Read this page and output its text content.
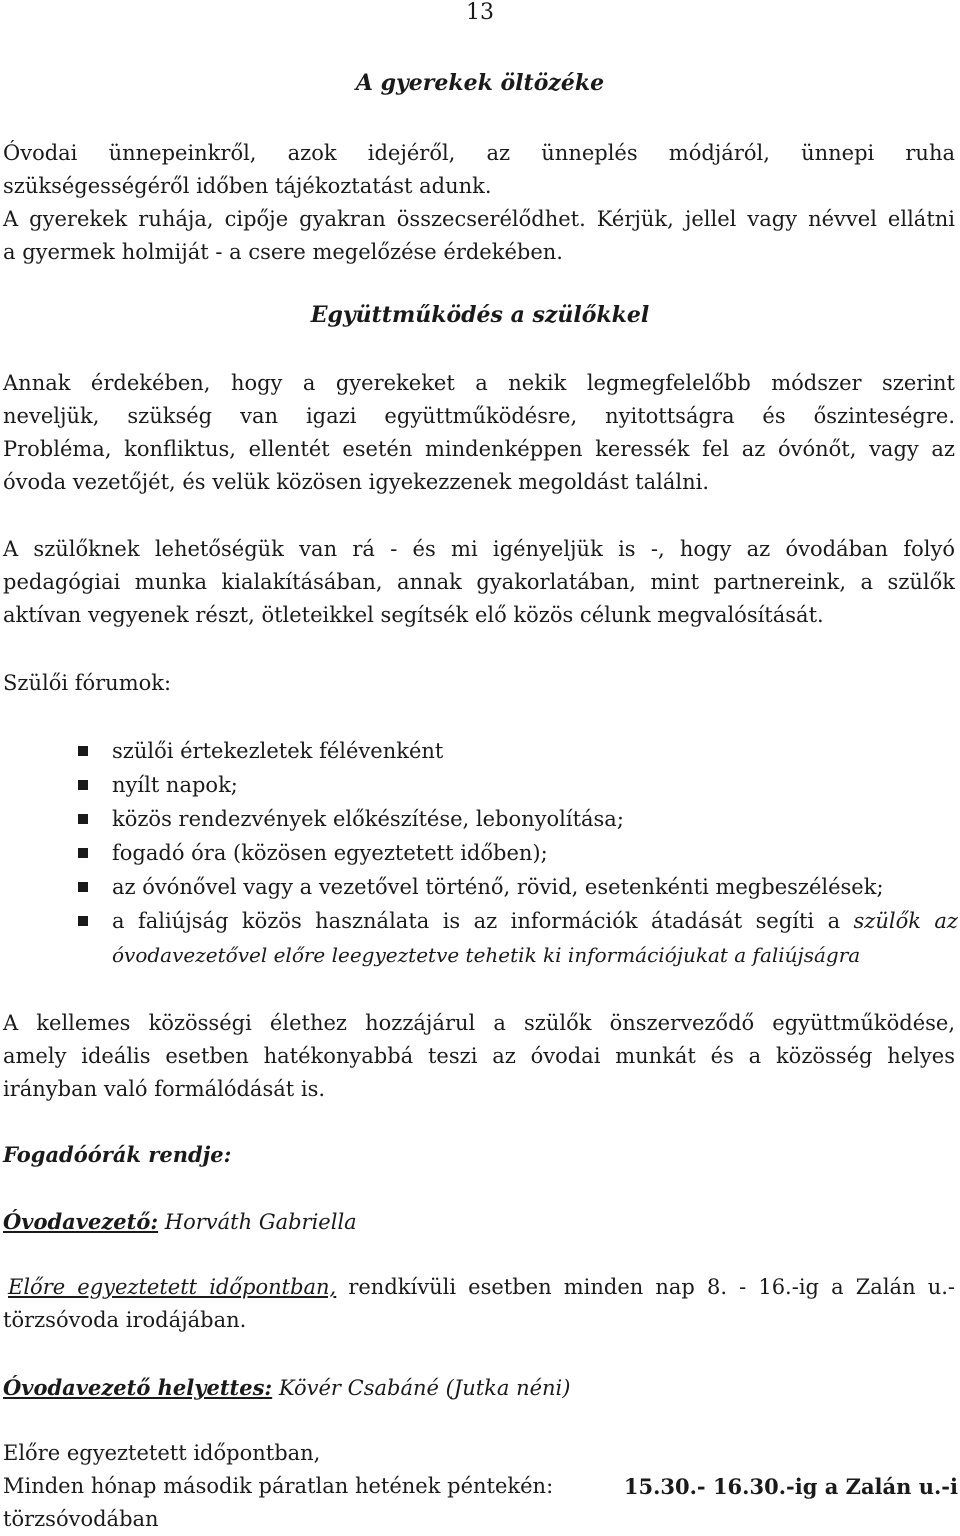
13
A gyerekek öltözéke
Óvodai ünnepeinkről, azok idejéről, az ünneplés módjáról, ünnepi ruha
szükségességéről időben tájékoztatást adunk.
A gyerekek ruhája, cipője gyakran összecserélődhet. Kérjük, jellel vagy névvel ellátni
a gyermek holmiját - a csere megelőzése érdekében.
Együttműködés a szülőkkel
Annak érdekében, hogy a gyerekeket a nekik legmegfelelőbb módszer szerint
neveljük, szükség van igazi együttműködésre, nyitottságra és őszinteségre.
Probléma, konfliktus, ellentét esetén mindenképpen keressék fel az óvónőt, vagy az
óvoda vezetőjét, és velük közösen igyekezzenek megoldást találni.
A szülőknek lehetőségük van rá - és mi igényeljük is -, hogy az óvodában folyó
pedagógiai munka kialakításában, annak gyakorlatában, mint partnereink, a szülők
aktívan vegyenek részt, ötleteikkel segítsék elő közös célunk megvalósítását.
Szülői fórumok:
szülői értekezletek félévenként
nyílt napok;
közös rendezvények előkészítése, lebonyolítása;
fogadó óra (közösen egyeztetett időben);
az óvónővel vagy a vezetővel történő, rövid, esetenkénti megbeszélések;
a faliújság közös használata is az információk átadását segíti a szülők az
óvodavezetővel előre leegyeztetve tehetik ki információjukat a faliújságra
A kellemes közösségi élethez hozzájárul a szülők önszerveződő együttműködése,
amely ideális esetben hatékonyabbá teszi az óvodai munkát és a közösség helyes
irányban való formálódását is.
Fogadóórák rendje:
Óvodavezető: Horváth Gabriella
Előre egyeztetett időpontban, rendkívüli esetben minden nap 8. - 16.-ig a Zalán u.-
törzsóvoda irodájában.
Óvodavezető helyettes: Kövér Csabáné (Jutka néni)
Előre egyeztetett időpontban,
Minden hónap második páratlan hetének péntekén:	15.30.- 16.30.-ig a Zalán u.-i
törzsóvodában
